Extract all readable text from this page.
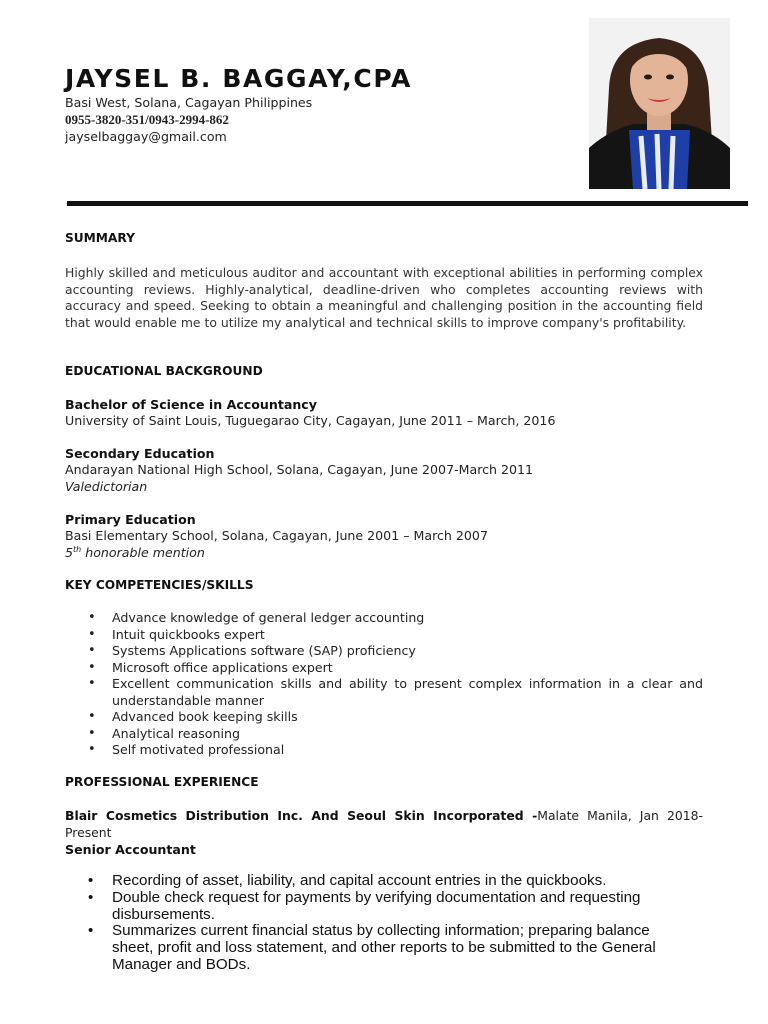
JAYSEL B. BAGGAY,CPA
Basi West, Solana, Cagayan Philippines
0955-3820-351/0943-2994-862
jayselbaggay@gmail.com
SUMMARY
Highly skilled and meticulous auditor and accountant with exceptional abilities in performing complex accounting reviews. Highly-analytical, deadline-driven who completes accounting reviews with accuracy and speed. Seeking to obtain a meaningful and challenging position in the accounting field that would enable me to utilize my analytical and technical skills to improve company's profitability.
EDUCATIONAL BACKGROUND
Bachelor of Science in Accountancy
University of Saint Louis, Tuguegarao City, Cagayan, June 2011 – March, 2016
Secondary Education
Andarayan National High School, Solana, Cagayan, June 2007-March 2011
Valedictorian
Primary Education
Basi Elementary School, Solana, Cagayan, June 2001 – March 2007
5th honorable mention
KEY COMPETENCIES/SKILLS
• Advance knowledge of general ledger accounting
• Intuit quickbooks expert
• Systems Applications software (SAP) proficiency
• Microsoft office applications expert
• Excellent communication skills and ability to present complex information in a clear and understandable manner
• Advanced book keeping skills
• Analytical reasoning
• Self motivated professional
PROFESSIONAL EXPERIENCE
Blair Cosmetics Distribution Inc. And Seoul Skin Incorporated -Malate Manila, Jan 2018-Present
Senior Accountant
• Recording of asset, liability, and capital account entries in the quickbooks.
• Double check request for payments by verifying documentation and requesting disbursements.
• Summarizes current financial status by collecting information; preparing balance sheet, profit and loss statement, and other reports to be submitted to the General Manager and BODs.
